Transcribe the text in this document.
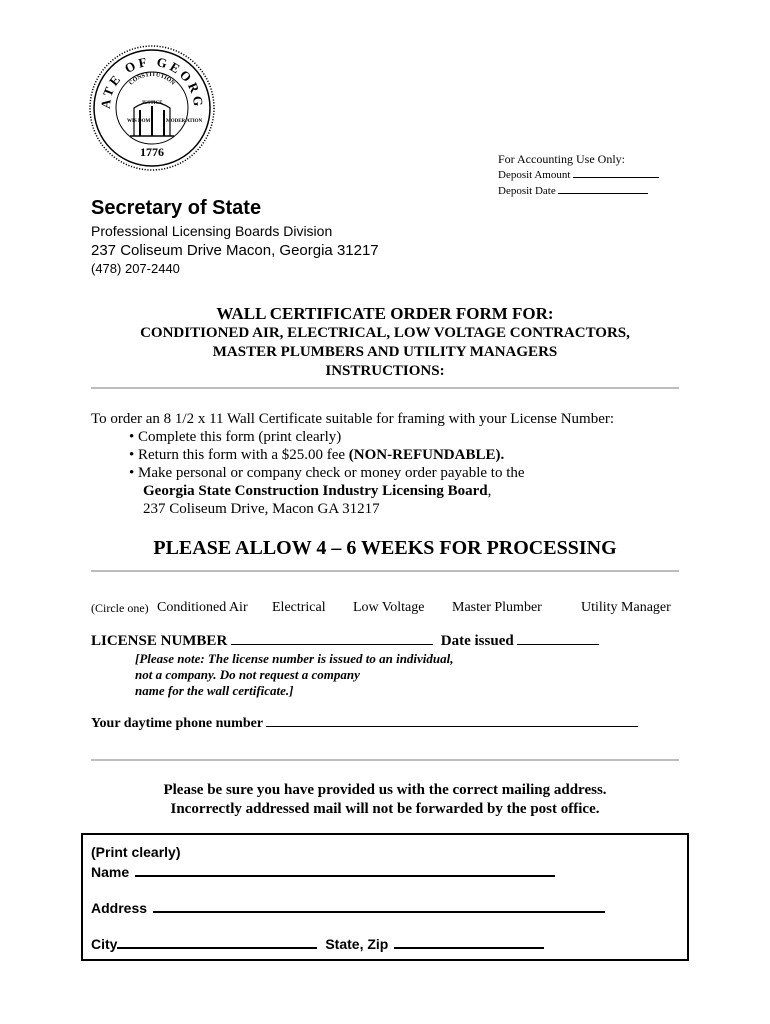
ATE OF GEORG
CONSTITUTION
WIS DOM
JUSTICE
MODER ATION
1776	For Accounting Use Only:
Deposit Amount
Deposit Date
Secretary of State
Professional Licensing Boards Division
237 Coliseum Drive Macon, Georgia 31217
(478) 207-2440
WALL CERTIFICATE ORDER FORM FOR:
CONDITIONED AIR, ELECTRICAL, LOW VOLTAGE CONTRACTORS,
MASTER PLUMBERS AND UTILITY MANAGERS
INSTRUCTIONS:
To order an 8 1/2 x 11 Wall Certificate suitable for framing with your License Number:
• Complete this form (print clearly)
• Return this form with a $25.00 fee (NON-REFUNDABLE).
• Make personal or company check or money order payable to the
Georgia State Construction Industry Licensing Board,
237 Coliseum Drive, Macon GA 31217
PLEASE ALLOW 4 – 6 WEEKS FOR PROCESSING
(Circle one) Conditioned Air Electrical Low Voltage Master Plumber	Utility Manager
LICENSE NUMBER	Date issued
[Please note: The license number is issued to an individual,
not a company. Do not request a company
name for the wall certificate.]
Your daytime phone number
Please be sure you have provided us with the correct mailing address.
Incorrectly addressed mail will not be forwarded by the post office.
(Print clearly)
Name
Address
City	State, Zip
